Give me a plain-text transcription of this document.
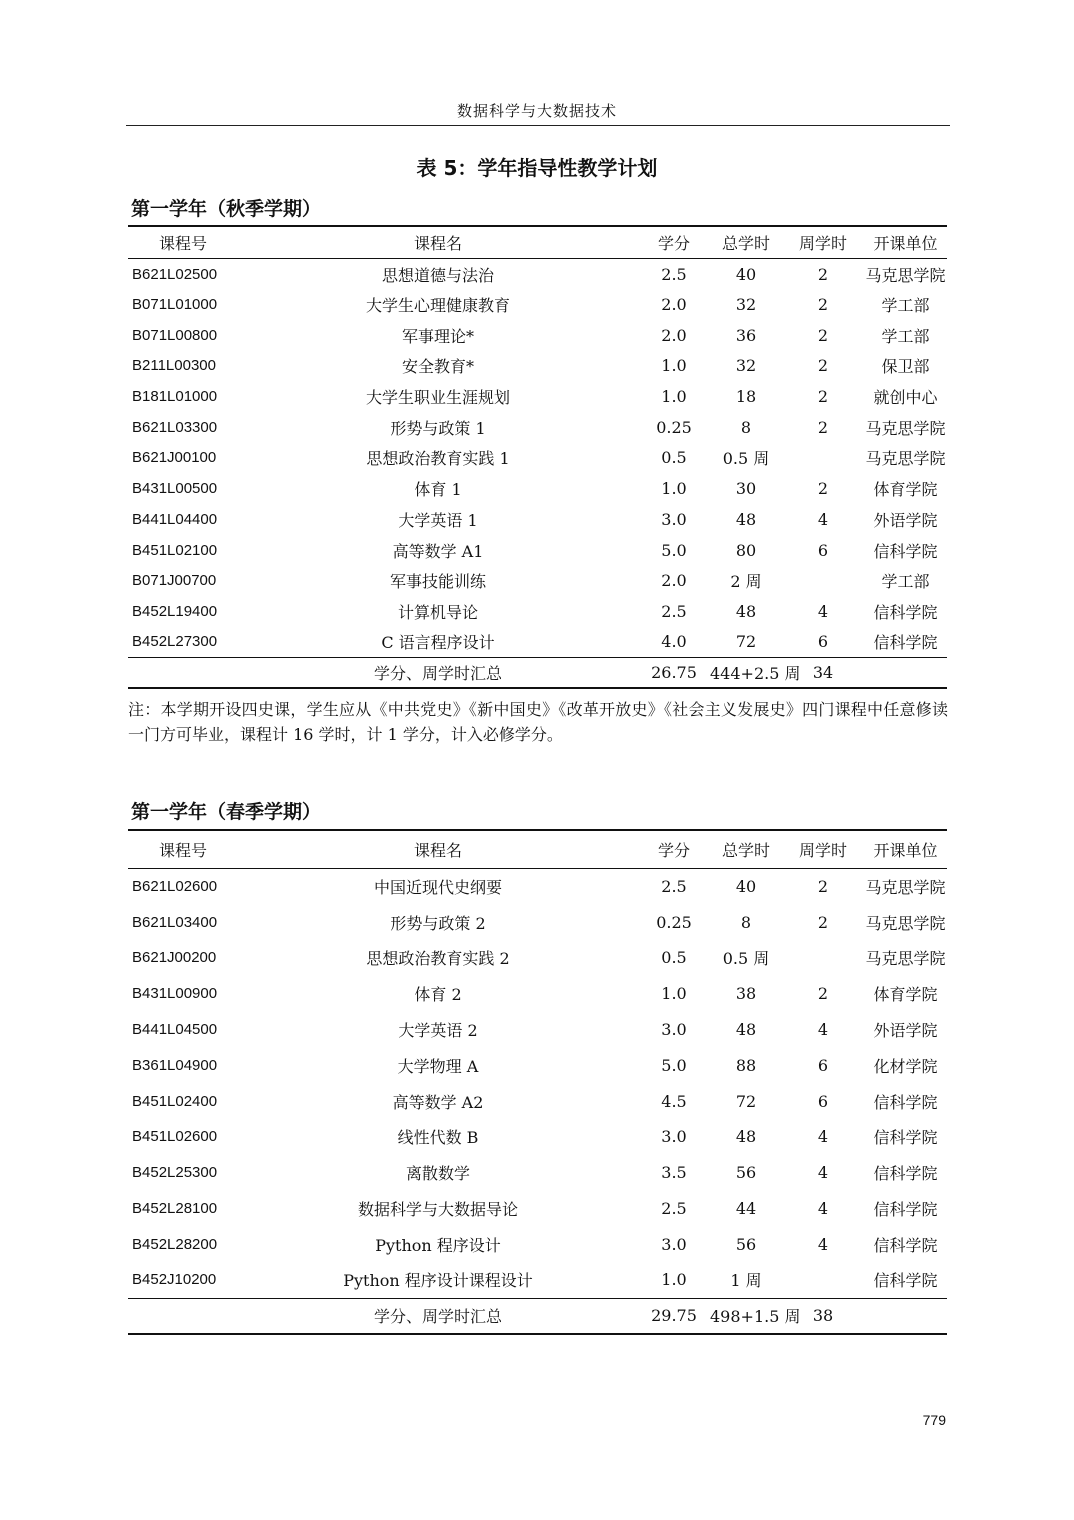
数据科学与大数据技术
表 5：学年指导性教学计划
第一学年（秋季学期）
课程号	课程名	学分	总学时	周学时	开课单位
B621L02500	思想道德与法治	2.5	40	2	马克思学院
B071L01000	大学生心理健康教育	2.0	32	2	学工部
B071L00800	军事理论*	2.0	36	2	学工部
B211L00300	安全教育*	1.0	32	2	保卫部
B181L01000	大学生职业生涯规划	1.0	18	2	就创中心
B621L03300	形势与政策 1	0.25	8	2	马克思学院
B621J00100	思想政治教育实践 1	0.5	0.5 周		马克思学院
B431L00500	体育 1	1.0	30	2	体育学院
B441L04400	大学英语 1	3.0	48	4	外语学院
B451L02100	高等数学 A1	5.0	80	6	信科学院
B071J00700	军事技能训练	2.0	2 周		学工部
B452L19400	计算机导论	2.5	48	4	信科学院
B452L27300	C 语言程序设计	4.0	72	6	信科学院
	学分、周学时汇总	26.75	444+2.5 周	34	
注：本学期开设四史课，学生应从《中共党史》《新中国史》《改革开放史》《社会主义发展史》四门课程中任意修读一门方可毕业，课程计 16 学时，计 1 学分，计入必修学分。
第一学年（春季学期）
课程号	课程名	学分	总学时	周学时	开课单位
B621L02600	中国近现代史纲要	2.5	40	2	马克思学院
B621L03400	形势与政策 2	0.25	8	2	马克思学院
B621J00200	思想政治教育实践 2	0.5	0.5 周		马克思学院
B431L00900	体育 2	1.0	38	2	体育学院
B441L04500	大学英语 2	3.0	48	4	外语学院
B361L04900	大学物理 A	5.0	88	6	化材学院
B451L02400	高等数学 A2	4.5	72	6	信科学院
B451L02600	线性代数 B	3.0	48	4	信科学院
B452L25300	离散数学	3.5	56	4	信科学院
B452L28100	数据科学与大数据导论	2.5	44	4	信科学院
B452L28200	Python 程序设计	3.0	56	4	信科学院
B452J10200	Python 程序设计课程设计	1.0	1 周		信科学院
	学分、周学时汇总	29.75	498+1.5 周	38	
779
